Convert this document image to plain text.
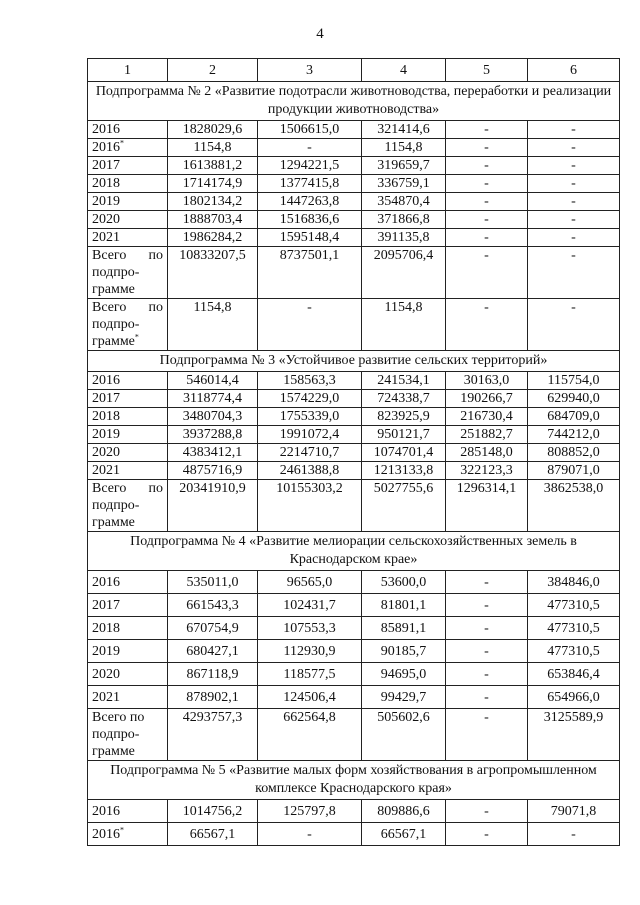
4
1	2	3	4	5	6
Подпрограмма № 2 «Развитие подотрасли животноводства, переработки и реализации продукции животноводства»					
2016	1828029,6	1506615,0	321414,6	-	-
2016*	1154,8	-	1154,8	-	-
2017	1613881,2	1294221,5	319659,7	-	-
2018	1714174,9	1377415,8	336759,1	-	-
2019	1802134,2	1447263,8	354870,4	-	-
2020	1888703,4	1516836,6	371866,8	-	-
2021	1986284,2	1595148,4	391135,8	-	-

Всего по
подпро-
грамме	10833207,5	8737501,1	2095706,4	-	-

Всего по
подпро-
грамме*	1154,8	-	1154,8	-	-
Подпрограмма № 3 «Устойчивое развитие сельских территорий»					
2016	546014,4	158563,3	241534,1	30163,0	115754,0
2017	3118774,4	1574229,0	724338,7	190266,7	629940,0
2018	3480704,3	1755339,0	823925,9	216730,4	684709,0
2019	3937288,8	1991072,4	950121,7	251882,7	744212,0
2020	4383412,1	2214710,7	1074701,4	285148,0	808852,0
2021	4875716,9	2461388,8	1213133,8	322123,3	879071,0

Всего по
подпро-
грамме	20341910,9	10155303,2	5027755,6	1296314,1	3862538,0
Подпрограмма № 4 «Развитие мелиорации сельскохозяйственных земель в Краснодарском крае»					
2016	535011,0	96565,0	53600,0	-	384846,0
2017	661543,3	102431,7	81801,1	-	477310,5
2018	670754,9	107553,3	85891,1	-	477310,5
2019	680427,1	112930,9	90185,7	-	477310,5
2020	867118,9	118577,5	94695,0	-	653846,4
2021	878902,1	124506,4	99429,7	-	654966,0

Всего по
подпро-
грамме	4293757,3	662564,8	505602,6	-	3125589,9
Подпрограмма № 5 «Развитие малых форм хозяйствования в агропромышленном комплексе Краснодарского края»					
2016	1014756,2	125797,8	809886,6	-	79071,8
2016*	66567,1	-	66567,1	-	-
